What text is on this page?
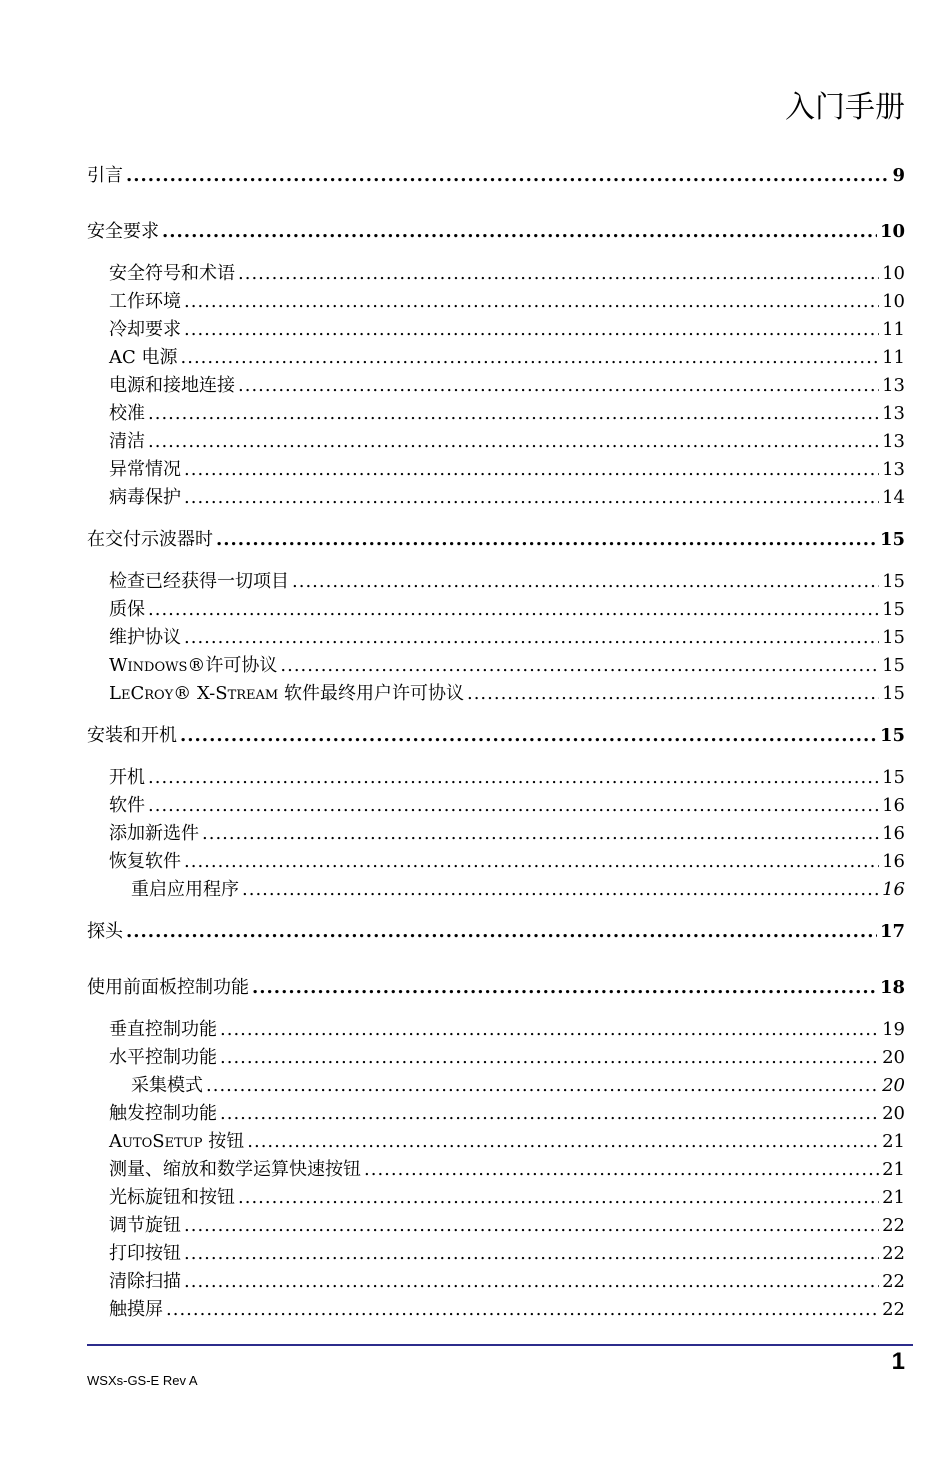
入门手册
引言 .....	9
安全要求 .....	10
安全符号和术语 .....	10
工作环境 .....	10
冷却要求 .....	11
AC 电源 .....	11
电源和接地连接 .....	13
校准 .....	13
清洁 .....	13
异常情况 .....	13
病毒保护 .....	14
在交付示波器时 .....	15
检查已经获得一切项目 .....	15
质保 .....	15
维护协议 .....	15
WINDOWS®许可协议 .....	15
LECROY® X-STREAM 软件最终用户许可协议 .....	15
安装和开机 .....	15
开机 .....	15
软件 .....	16
添加新选件 .....	16
恢复软件 .....	16
重启应用程序 .....	16
探头 .....	17
使用前面板控制功能 .....	18
垂直控制功能 .....	19
水平控制功能 .....	20
采集模式 .....	20
触发控制功能 .....	20
AUTOSETUP 按钮 .....	21
测量、缩放和数学运算快速按钮 .....	21
光标旋钮和按钮 .....	21
调节旋钮 .....	22
打印按钮 .....	22
清除扫描 .....	22
触摸屏 .....	22
1
WSXs-GS-E Rev A
